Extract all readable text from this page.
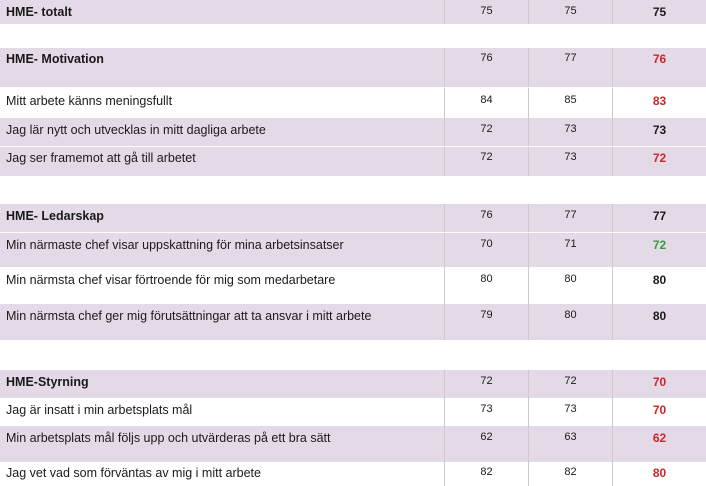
HME- totalt	75	75	75
HME- Motivation	76	77	76
Mitt arbete känns meningsfullt	84	85	83
Jag lär nytt och utvecklas in mitt dagliga arbete	72	73	73
Jag ser framemot att gå till arbetet	72	73	72
HME- Ledarskap	76	77	77
Min närmaste chef visar uppskattning för mina arbetsinsatser	70	71	72
Min närmsta chef visar förtroende för mig som medarbetare	80	80	80
Min närmsta chef ger mig förutsättningar att ta ansvar i mitt arbete	79	80	80
HME-Styrning	72	72	70
Jag är insatt i min arbetsplats mål	73	73	70
Min arbetsplats mål följs upp och utvärderas på ett bra sätt	62	63	62
Jag vet vad som förväntas av mig i mitt arbete	82	82	80
